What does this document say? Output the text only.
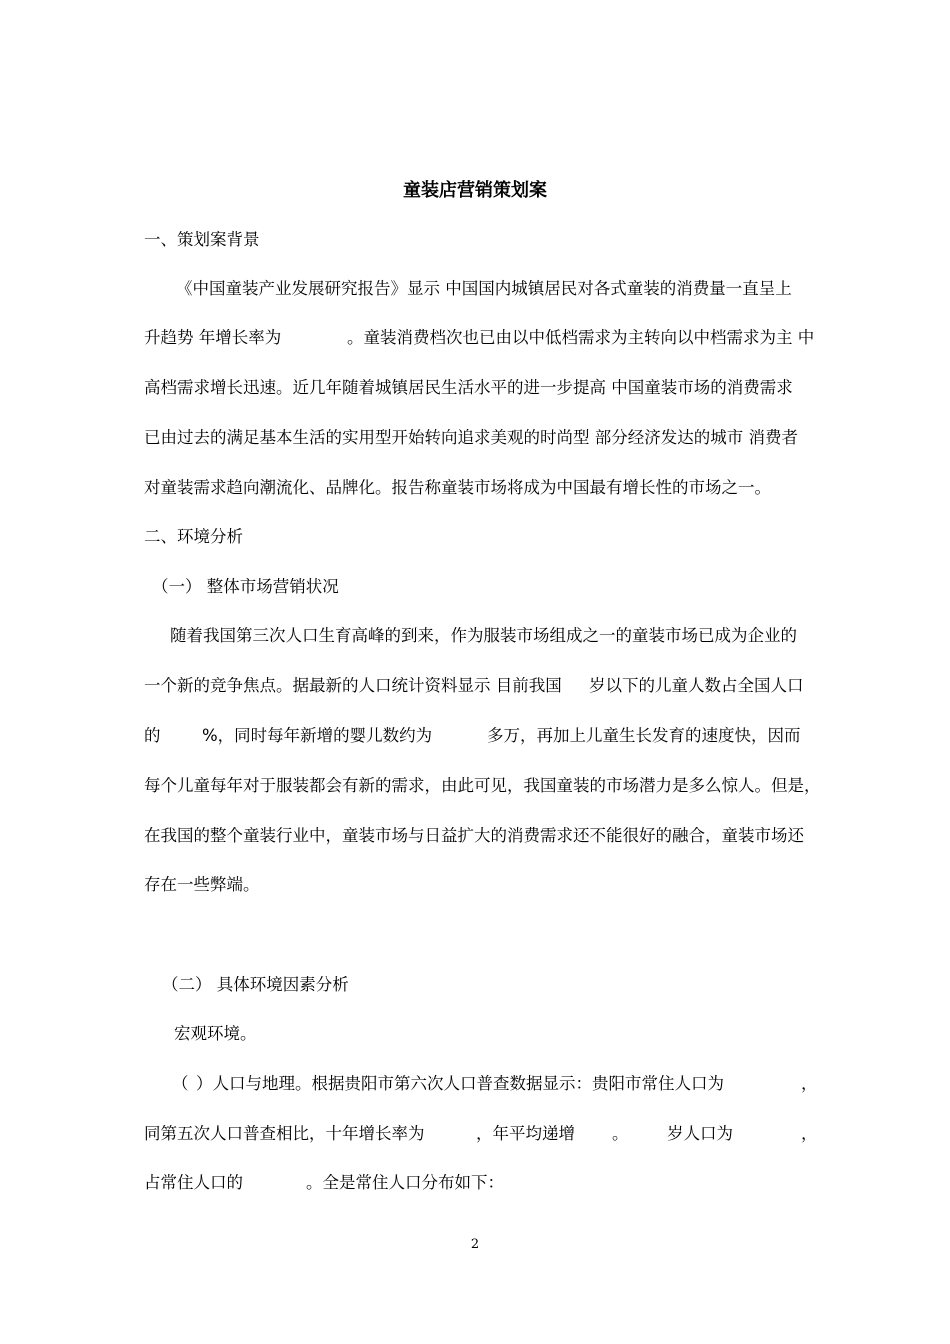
童装店营销策划案
一、策划案背景
《中国童装产业发展研究报告》显示 中国国内城镇居民对各式童装的消费量一直呈上
升趋势 年增长率为	。童装消费档次也已由以中低档需求为主转向以中档需求为主 中
高档需求增长迅速。近几年随着城镇居民生活水平的进一步提高 中国童装市场的消费需求
已由过去的满足基本生活的实用型开始转向追求美观的时尚型 部分经济发达的城市 消费者
对童装需求趋向潮流化、品牌化。报告称童装市场将成为中国最有增长性的市场之一。
二、环境分析
（一） 整体市场营销状况
随着我国第三次人口生育高峰的到来，作为服装市场组成之一的童装市场已成为企业的
一个新的竞争焦点。据最新的人口统计资料显示 目前我国 岁以下的儿童人数占全国人口
的	%，同时每年新增的婴儿数约为	多万，再加上儿童生长发育的速度快，因而
每个儿童每年对于服装都会有新的需求，由此可见，我国童装的市场潜力是多么惊人。但是，
在我国的整个童装行业中，童装市场与日益扩大的消费需求还不能很好的融合，童装市场还
存在一些弊端。
（二） 具体环境因素分析
宏观环境。
（ ）人口与地理。根据贵阳市第六次人口普查数据显示：贵阳市常住人口为	，
同第五次人口普查相比，十年增长率为	，年平均递增 。 岁人口为	，
占常住人口的	。全是常住人口分布如下：
2
